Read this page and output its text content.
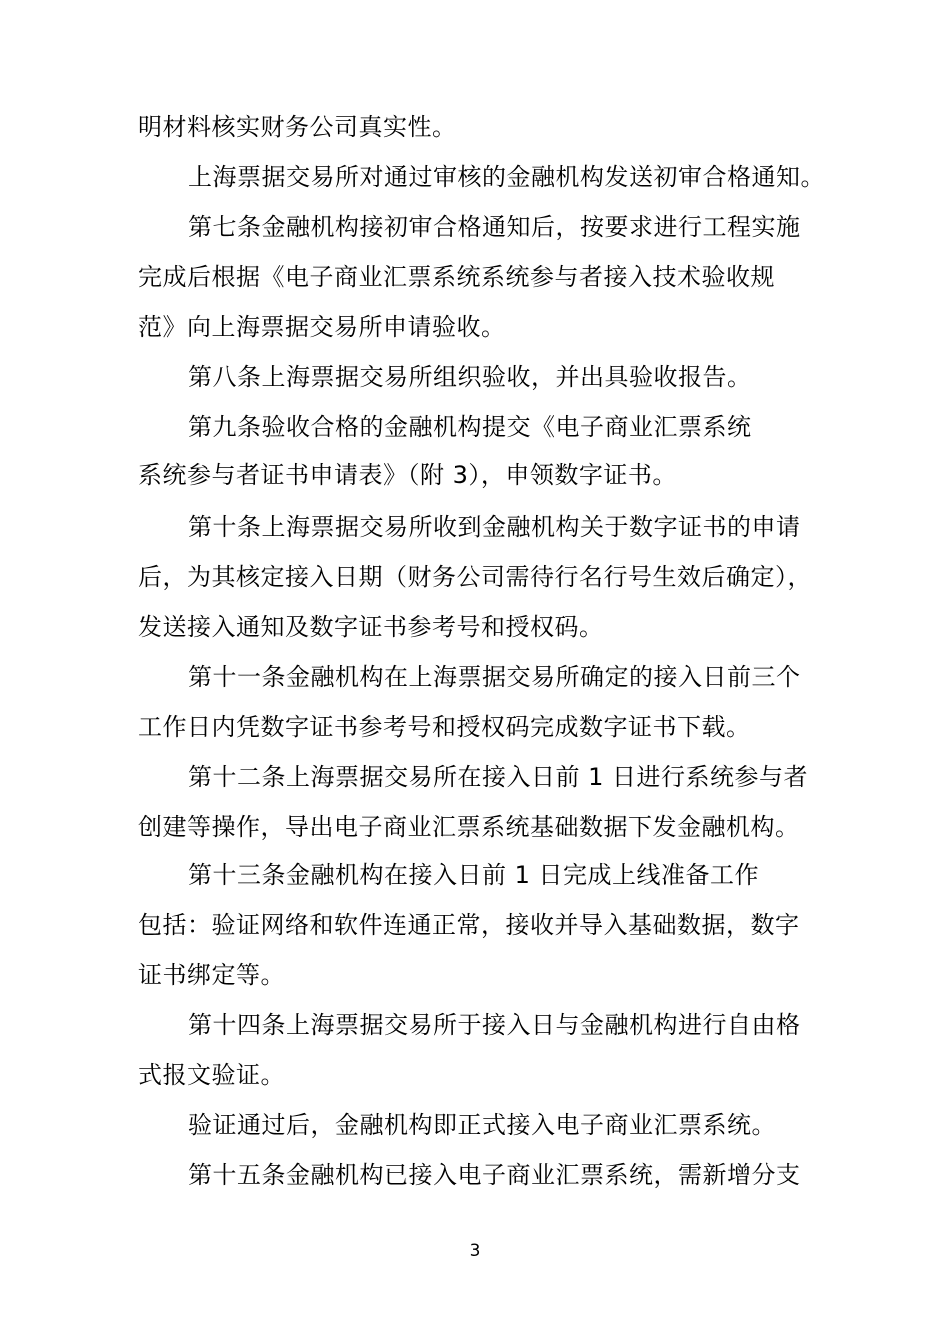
明材料核实财务公司真实性。
上海票据交易所对通过审核的金融机构发送初审合格通知。
第七条金融机构接初审合格通知后，按要求进行工程实施
完成后根据《电子商业汇票系统系统参与者接入技术验收规
范》向上海票据交易所申请验收。
第八条上海票据交易所组织验收，并出具验收报告。
第九条验收合格的金融机构提交《电子商业汇票系统
系统参与者证书申请表》（附 3），申领数字证书。
第十条上海票据交易所收到金融机构关于数字证书的申请
后，为其核定接入日期（财务公司需待行名行号生效后确定），
发送接入通知及数字证书参考号和授权码。
第十一条金融机构在上海票据交易所确定的接入日前三个
工作日内凭数字证书参考号和授权码完成数字证书下载。
第十二条上海票据交易所在接入日前 1 日进行系统参与者
创建等操作，导出电子商业汇票系统基础数据下发金融机构。
第十三条金融机构在接入日前 1 日完成上线准备工作
包括：验证网络和软件连通正常，接收并导入基础数据，数字
证书绑定等。
第十四条上海票据交易所于接入日与金融机构进行自由格
式报文验证。
验证通过后，金融机构即正式接入电子商业汇票系统。
第十五条金融机构已接入电子商业汇票系统，需新增分支
3
